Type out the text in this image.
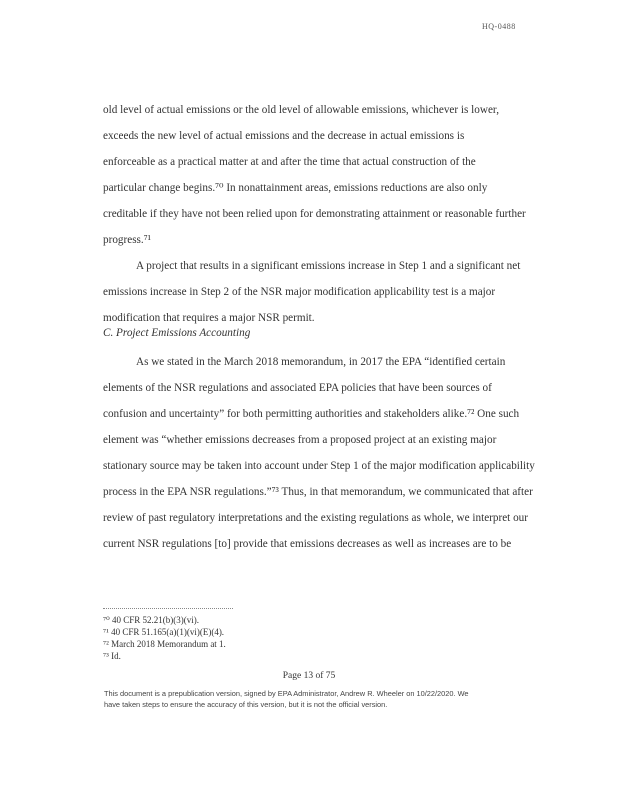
HQ-0488
old level of actual emissions or the old level of allowable emissions, whichever is lower,
exceeds the new level of actual emissions and the decrease in actual emissions is
enforceable as a practical matter at and after the time that actual construction of the
particular change begins.⁷⁰ In nonattainment areas, emissions reductions are also only
creditable if they have not been relied upon for demonstrating attainment or reasonable further
progress.⁷¹
A project that results in a significant emissions increase in Step 1 and a significant net
emissions increase in Step 2 of the NSR major modification applicability test is a major
modification that requires a major NSR permit.
C. Project Emissions Accounting
As we stated in the March 2018 memorandum, in 2017 the EPA “identified certain
elements of the NSR regulations and associated EPA policies that have been sources of
confusion and uncertainty” for both permitting authorities and stakeholders alike.⁷² One such
element was “whether emissions decreases from a proposed project at an existing major
stationary source may be taken into account under Step 1 of the major modification applicability
process in the EPA NSR regulations.”⁷³ Thus, in that memorandum, we communicated that after
review of past regulatory interpretations and the existing regulations as whole, we interpret our
current NSR regulations [to] provide that emissions decreases as well as increases are to be
⁷⁰ 40 CFR 52.21(b)(3)(vi).
⁷¹ 40 CFR 51.165(a)(1)(vi)(E)(4).
⁷² March 2018 Memorandum at 1.
⁷³ Id.
Page 13 of 75
This document is a prepublication version, signed by EPA Administrator, Andrew R. Wheeler on 10/22/2020. We
have taken steps to ensure the accuracy of this version, but it is not the official version.
